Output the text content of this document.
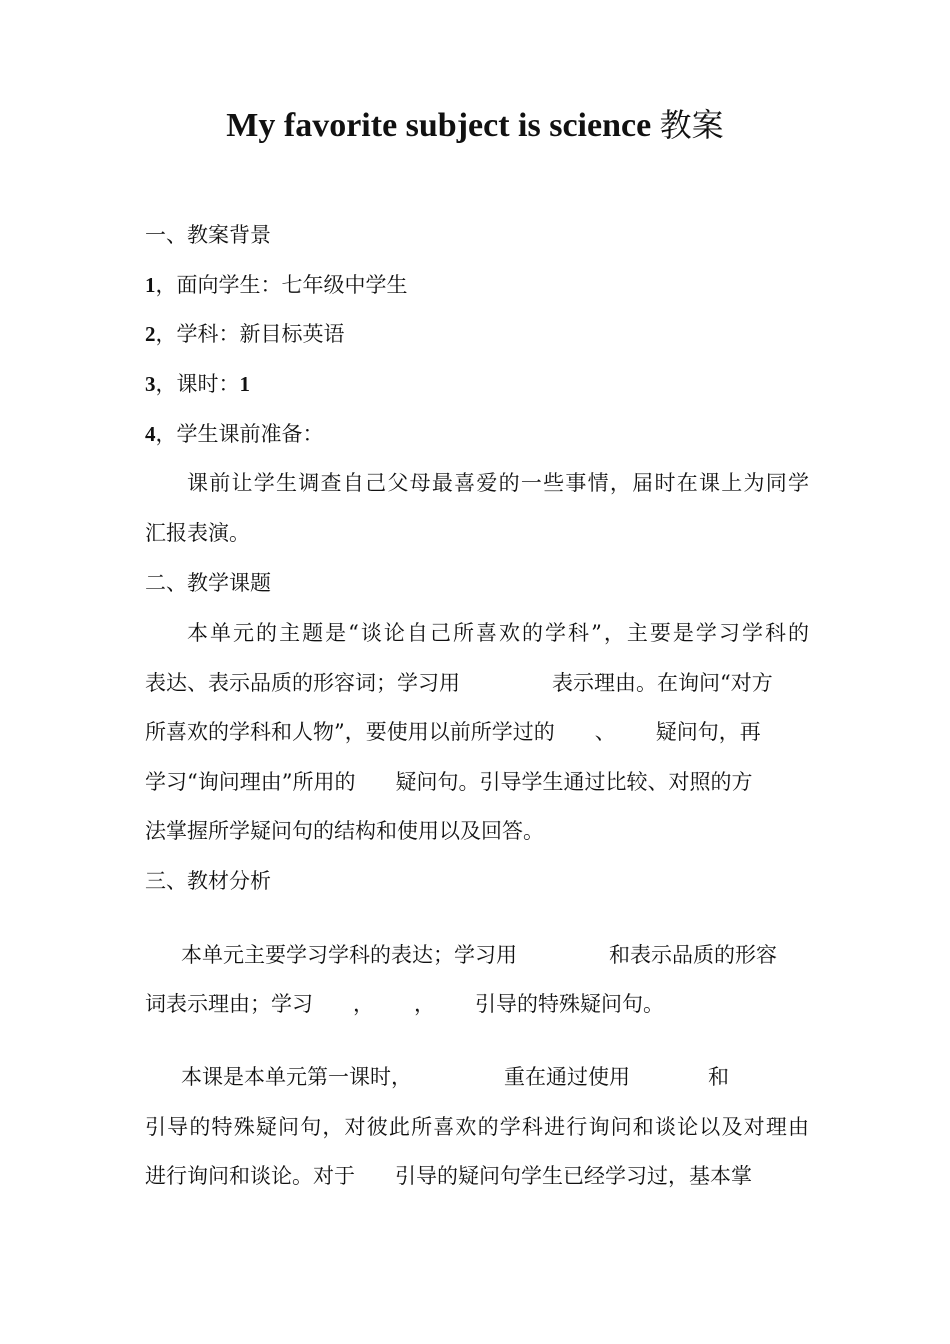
My favorite subject is science 教案
一、教案背景
1，面向学生：七年级中学生
2，学科：新目标英语
3，课时：1
4，学生课前准备：
课前让学生调查自己父母最喜爱的一些事情，届时在课上为同学
汇报表演。
二、教学课题
本单元的主题是“谈论自己所喜欢的学科”，主要是学习学科的
表达、表示品质的形容词；学习用	表示理由。在询问“对方
所喜欢的学科和人物”，要使用以前所学过的 、 疑问句，再
学习“询问理由”所用的 疑问句。引导学生通过比较、对照的方
法掌握所学疑问句的结构和使用以及回答。
三、教材分析
本单元主要学习学科的表达；学习用	和表示品质的形容
词表示理由；学习 ， ， 引导的特殊疑问句。
本课是本单元第一课时，	重在通过使用	和
引导的特殊疑问句，对彼此所喜欢的学科进行询问和谈论以及对理由
进行询问和谈论。对于 引导的疑问句学生已经学习过，基本掌
